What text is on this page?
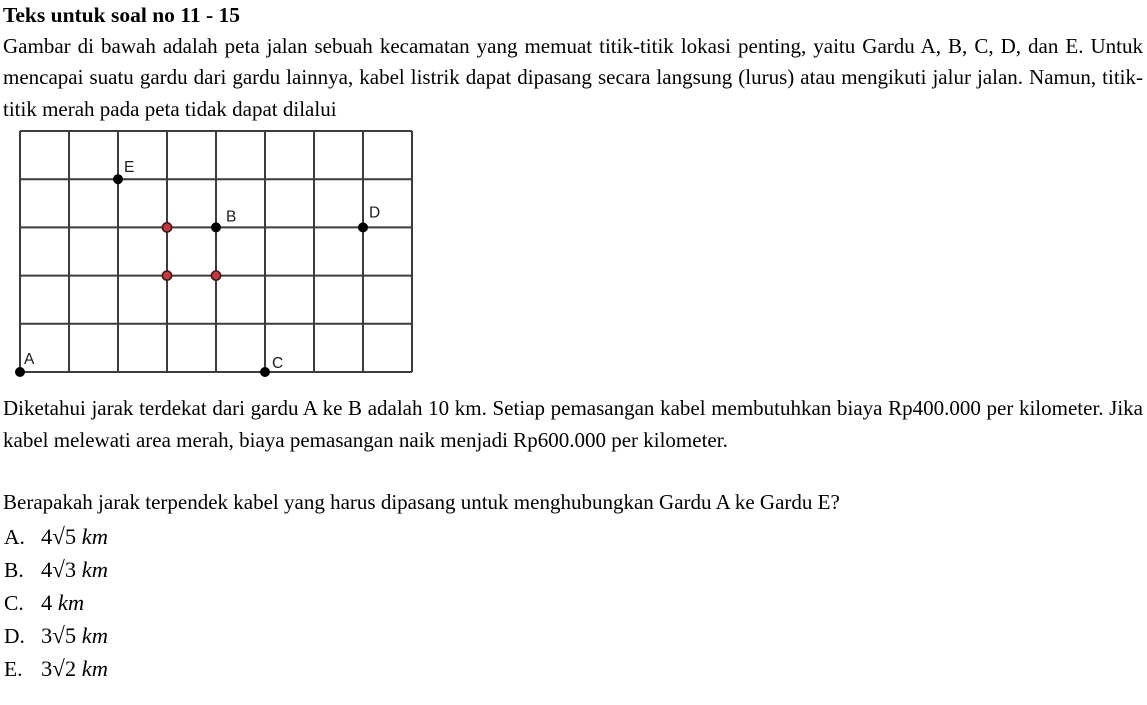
Teks untuk soal no 11 - 15

Gambar di bawah adalah peta jalan sebuah kecamatan yang memuat titik-titik lokasi penting, yaitu Gardu A, B, C, D, dan E. Untuk mencapai suatu gardu dari gardu lainnya, kabel listrik dapat dipasang secara langsung (lurus) atau mengikuti jalur jalan. Namun, titik-titik merah pada peta tidak dapat dilalui

A
E
B	D
C

Diketahui jarak terdekat dari gardu A ke B adalah 10 km. Setiap pemasangan kabel membutuhkan biaya Rp400.000 per kilometer. Jika kabel melewati area merah, biaya pemasangan naik menjadi Rp600.000 per kilometer.

Berapakah jarak terpendek kabel yang harus dipasang untuk menghubungkan Gardu A ke Gardu E?

A. 4√5 km
B. 4√3 km
C. 4 km
D. 3√5 km
E. 3√2 km
